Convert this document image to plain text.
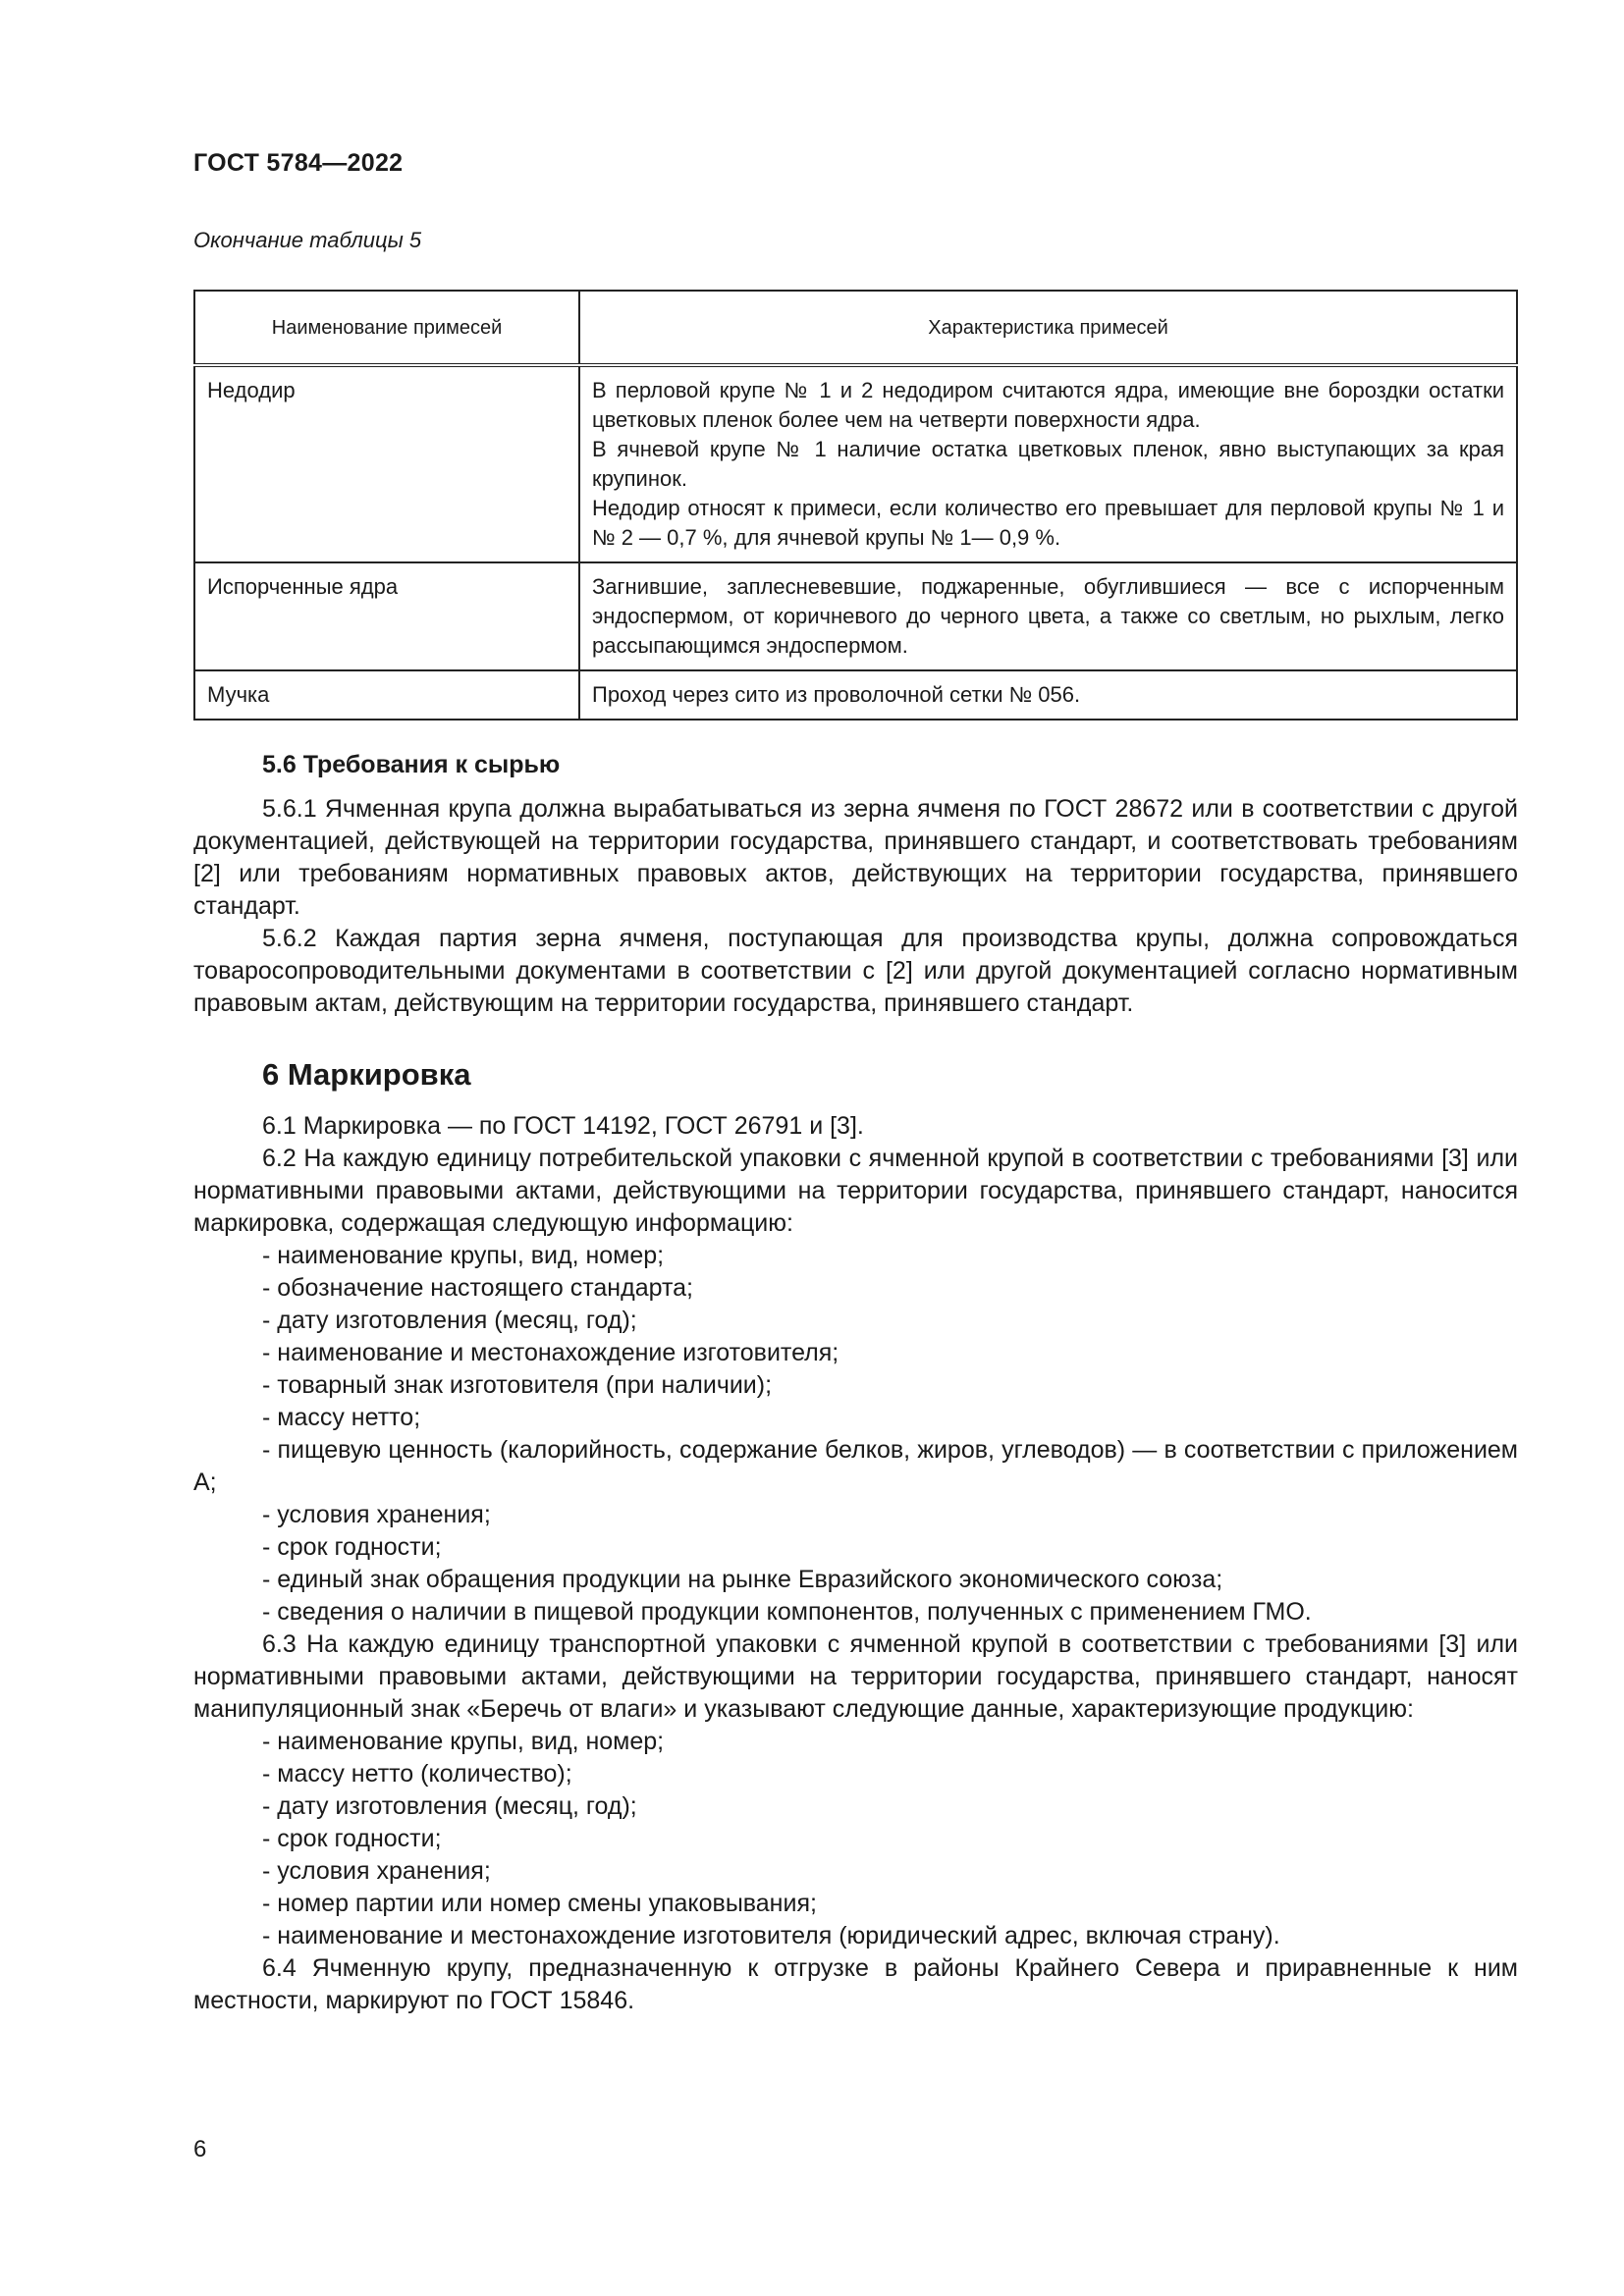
ГОСТ 5784—2022
Окончание таблицы 5
Наименование примесей	Характеристика примесей
Недодир	В перловой крупе № 1 и 2 недодиром считаются ядра, имеющие вне бороздки остатки цветковых пленок более чем на четверти поверхности ядра.
В ячневой крупе № 1 наличие остатка цветковых пленок, явно выступающих за края крупинок.
Недодир относят к примеси, если количество его превышает для перловой крупы № 1 и № 2 — 0,7 %, для ячневой крупы № 1— 0,9 %.

Испорченные ядра	Загнившие, заплесневевшие, поджаренные, обуглившиеся — все с испорченным эндоспермом, от коричневого до черного цвета, а также со светлым, но рыхлым, легко рассыпающимся эндоспермом.

Мучка	Проход через сито из проволочной сетки № 056.

5.6 Требования к сырью

5.6.1 Ячменная крупа должна вырабатываться из зерна ячменя по ГОСТ 28672 или в соответствии с другой документацией, действующей на территории государства, принявшего стандарт, и соответствовать требованиям [2] или требованиям нормативных правовых актов, действующих на территории государства, принявшего стандарт.

5.6.2 Каждая партия зерна ячменя, поступающая для производства крупы, должна сопровождаться товаросопроводительными документами в соответствии с [2] или другой документацией согласно нормативным правовым актам, действующим на территории государства, принявшего стандарт.

6 Маркировка

6.1 Маркировка — по ГОСТ 14192, ГОСТ 26791 и [3].

6.2 На каждую единицу потребительской упаковки с ячменной крупой в соответствии с требованиями [3] или нормативными правовыми актами, действующими на территории государства, принявшего стандарт, наносится маркировка, содержащая следующую информацию:

- наименование крупы, вид, номер;

- обозначение настоящего стандарта;

- дату изготовления (месяц, год);

- наименование и местонахождение изготовителя;

- товарный знак изготовителя (при наличии);

- массу нетто;

- пищевую ценность (калорийность, содержание белков, жиров, углеводов) — в соответствии с приложением А;

- условия хранения;

- срок годности;

- единый знак обращения продукции на рынке Евразийского экономического союза;

- сведения о наличии в пищевой продукции компонентов, полученных с применением ГМО.

6.3 На каждую единицу транспортной упаковки с ячменной крупой в соответствии с требованиями [3] или нормативными правовыми актами, действующими на территории государства, принявшего стандарт, наносят манипуляционный знак «Беречь от влаги» и указывают следующие данные, характеризующие продукцию:

- наименование крупы, вид, номер;

- массу нетто (количество);

- дату изготовления (месяц, год);

- срок годности;

- условия хранения;

- номер партии или номер смены упаковывания;

- наименование и местонахождение изготовителя (юридический адрес, включая страну).

6.4 Ячменную крупу, предназначенную к отгрузке в районы Крайнего Севера и приравненные к ним местности, маркируют по ГОСТ 15846.

6
